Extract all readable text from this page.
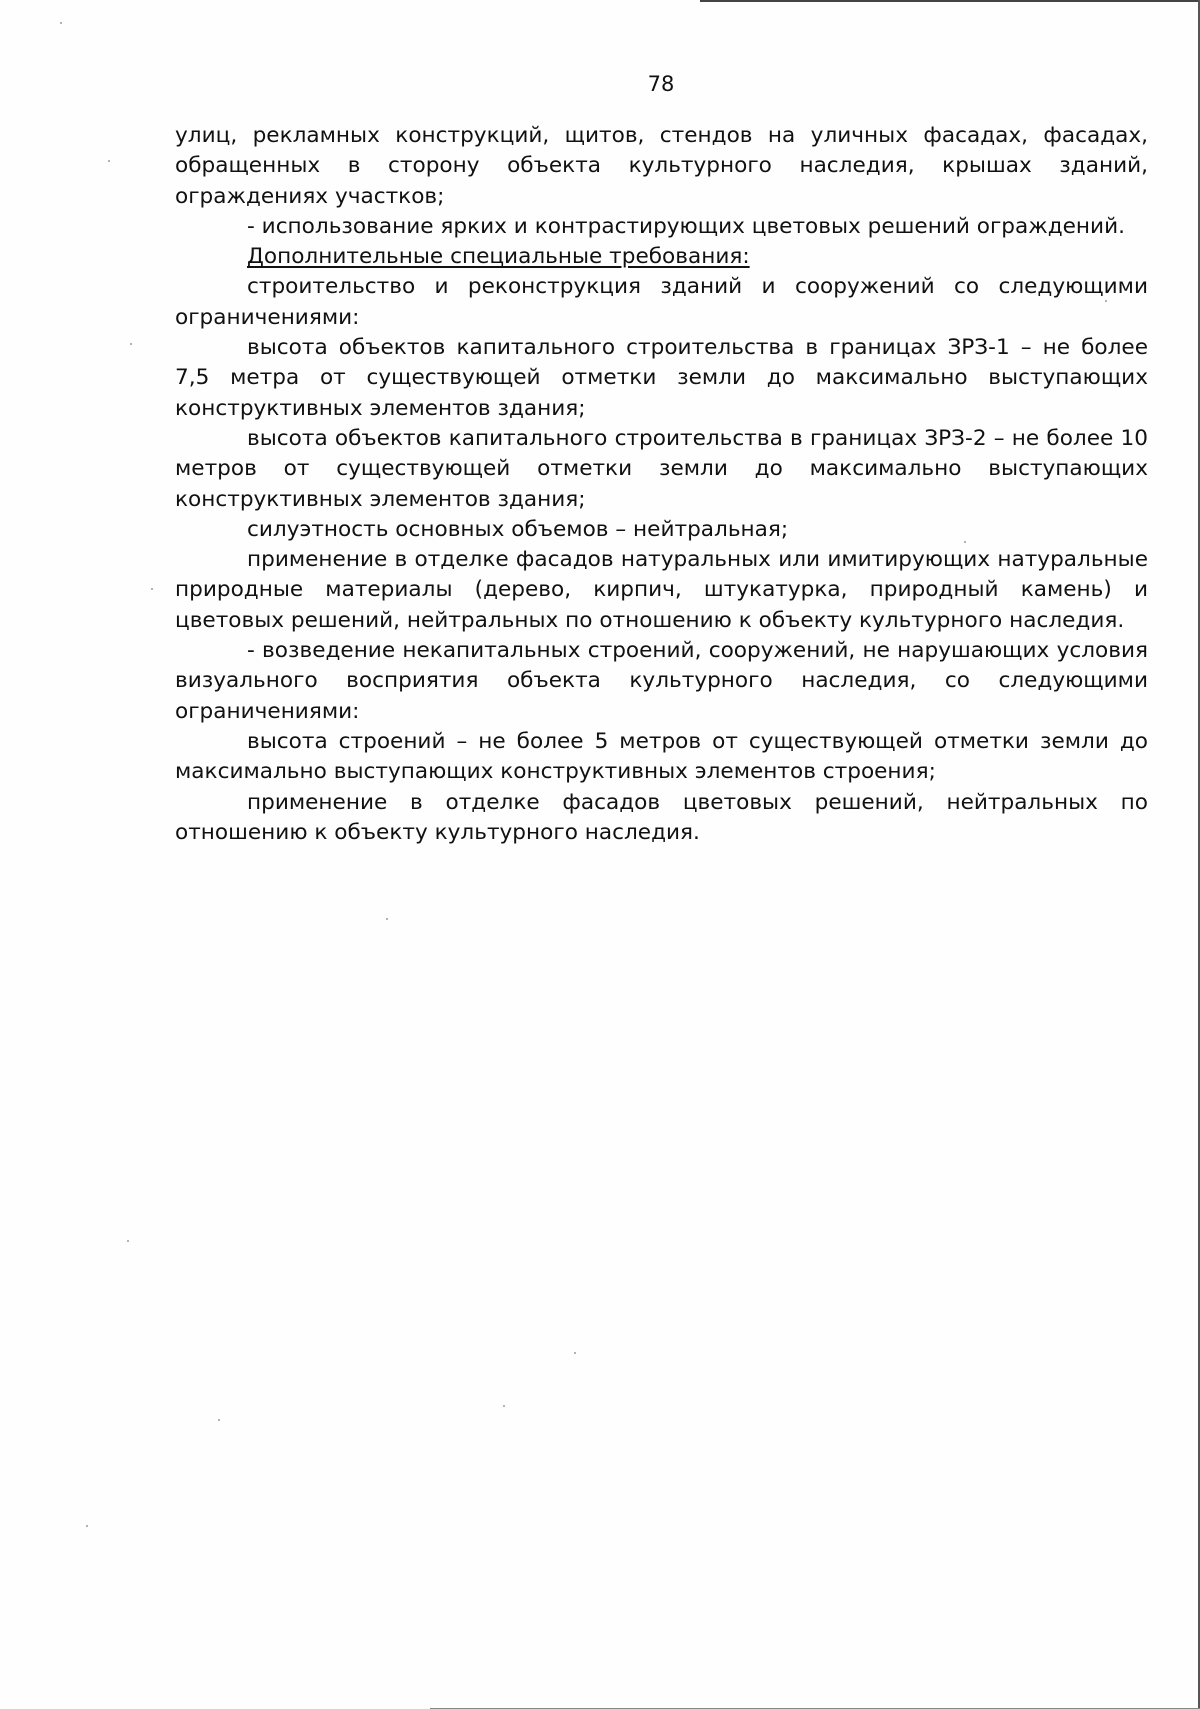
78

улиц, рекламных конструкций, щитов, стендов на уличных фасадах, фасадах, обращенных в сторону объекта культурного наследия, крышах зданий, ограждениях участков;

- использование ярких и контрастирующих цветовых решений ограждений.

Дополнительные специальные требования:

строительство и реконструкция зданий и сооружений со следующими ограничениями:

высота объектов капитального строительства в границах ЗРЗ-1 – не более 7,5 метра от существующей отметки земли до максимально выступающих конструктивных элементов здания;

высота объектов капитального строительства в границах ЗРЗ-2 – не более 10 метров от существующей отметки земли до максимально выступающих конструктивных элементов здания;

силуэтность основных объемов – нейтральная;

применение в отделке фасадов натуральных или имитирующих натуральные природные материалы (дерево, кирпич, штукатурка, природный камень) и цветовых решений, нейтральных по отношению к объекту культурного наследия.

- возведение некапитальных строений, сооружений, не нарушающих условия визуального восприятия объекта культурного наследия, со следующими ограничениями:

высота строений – не более 5 метров от существующей отметки земли до максимально выступающих конструктивных элементов строения;

применение в отделке фасадов цветовых решений, нейтральных по отношению к объекту культурного наследия.
